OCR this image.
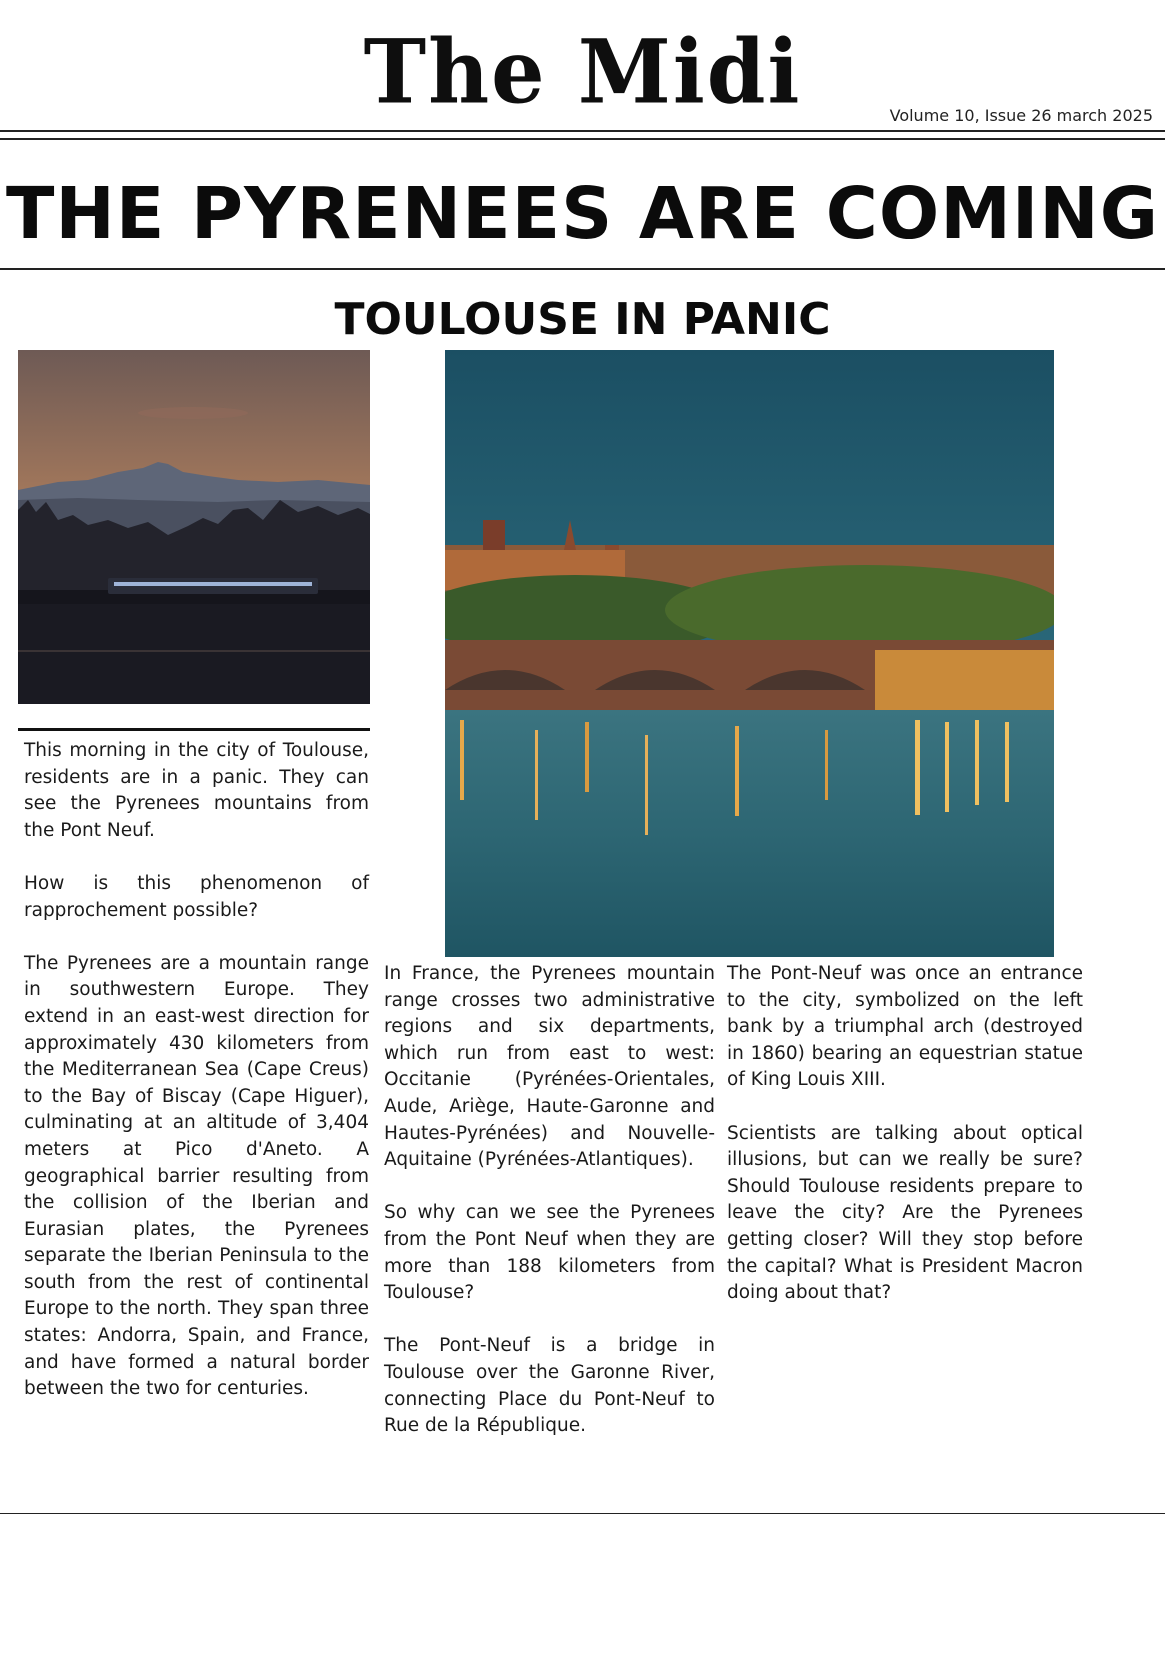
The Midi	Volume 10, Issue 26 march 2025
THE PYRENEES ARE COMING
TOULOUSE IN PANIC

This morning in the city of Toulouse, residents are in a panic. They can see the Pyrenees mountains from the Pont Neuf.

How is this phenomenon of rapprochement possible?

The Pyrenees are a mountain range in southwestern Europe. They extend in an east-west direction for approximately 430 kilometers from the Mediterranean Sea (Cape Creus) to the Bay of Biscay (Cape Higuer), culminating at an altitude of 3,404 meters at Pico d'Aneto. A geographical barrier resulting from the collision of the Iberian and Eurasian plates, the Pyrenees separate the Iberian Peninsula to the south from the rest of continental Europe to the north. They span three states: Andorra, Spain, and France, and have formed a natural border between the two for centuries.

In France, the Pyrenees mountain range crosses two administrative regions and six departments, which run from east to west: Occitanie (Pyrénées-Orientales, Aude, Ariège, Haute-Garonne and Hautes-Pyrénées) and Nouvelle-Aquitaine (Pyrénées-Atlantiques).

So why can we see the Pyrenees from the Pont Neuf when they are more than 188 kilometers from Toulouse?

The Pont-Neuf is a bridge in Toulouse over the Garonne River, connecting Place du Pont-Neuf to Rue de la République.

The Pont-Neuf was once an entrance to the city, symbolized on the left bank by a triumphal arch (destroyed in 1860) bearing an equestrian statue of King Louis XIII.

Scientists are talking about optical illusions, but can we really be sure? Should Toulouse residents prepare to leave the city? Are the Pyrenees getting closer? Will they stop before the capital? What is President Macron doing about that?
